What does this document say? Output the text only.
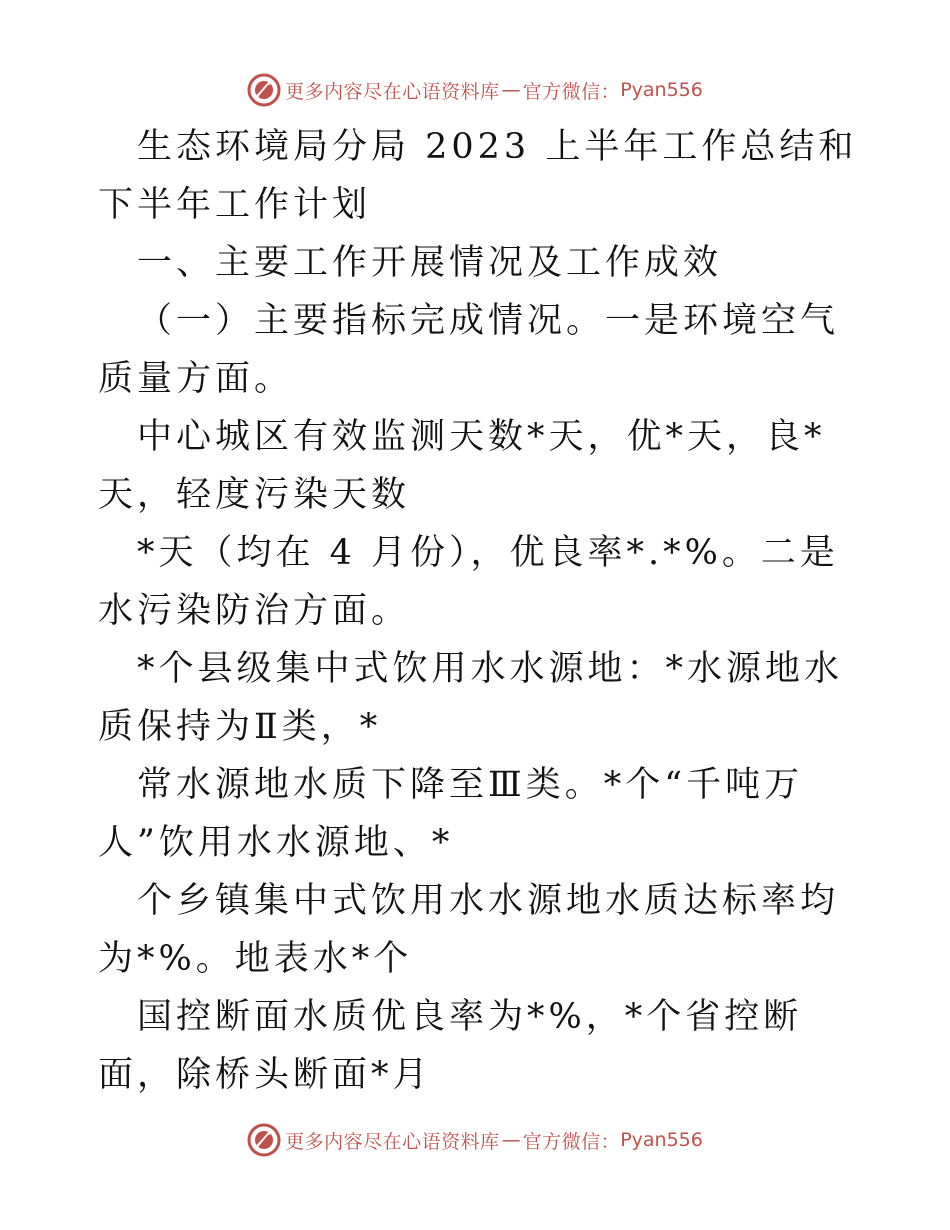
更多内容尽在心语资料库 — 官方微信： Pyan556

生态环境局分局 2023 上半年工作总结和下半年工作计划

一、主要工作开展情况及工作成效

（一）主要指标完成情况。一是环境空气质量方面。

中心城区有效监测天数*天，优*天，良*天，轻度污染天数

*天（均在 4 月份），优良率*.*%。二是水污染防治方面。

*个县级集中式饮用水水源地：*水源地水质保持为Ⅱ类，*

常水源地水质下降至Ⅲ类。*个“千吨万人”饮用水水源地、*

个乡镇集中式饮用水水源地水质达标率均为*%。地表水*个

国控断面水质优良率为*%，*个省控断面，除桥头断面*月

更多内容尽在心语资料库 — 官方微信： Pyan556
